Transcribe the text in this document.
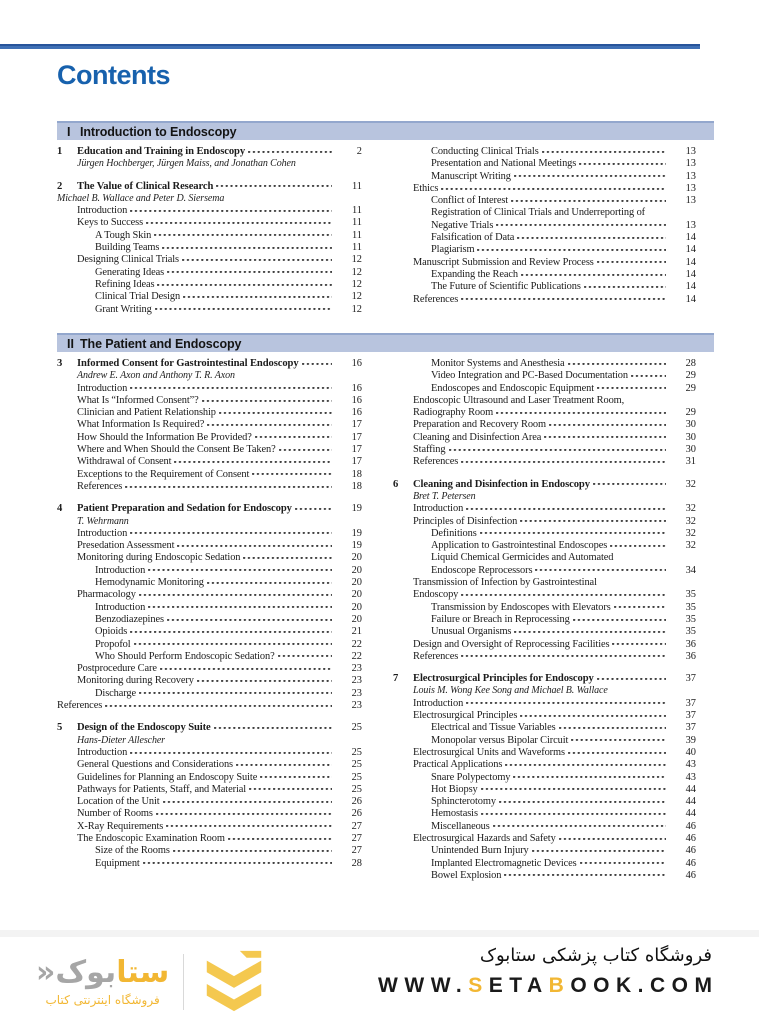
Contents
I Introduction to Endoscopy
1	Education and Training in Endoscopy	2
Jürgen Hochberger, Jürgen Maiss, and Jonathan Cohen
2	The Value of Clinical Research	11
Michael B. Wallace and Peter D. Siersema
Introduction	11
Keys to Success	11
A Tough Skin	11
Building Teams	11
Designing Clinical Trials	12
Generating Ideas	12
Refining Ideas	12
Clinical Trial Design	12
Grant Writing	12
Conducting Clinical Trials	13
Presentation and National Meetings	13
Manuscript Writing	13
Ethics	13
Conflict of Interest	13
Registration of Clinical Trials and Underreporting of
Negative Trials	13
Falsification of Data	14
Plagiarism	14
Manuscript Submission and Review Process	14
Expanding the Reach	14
The Future of Scientific Publications	14
References	14
II The Patient and Endoscopy
3	Informed Consent for Gastrointestinal Endoscopy	16
Andrew E. Axon and Anthony T. R. Axon
Introduction	16
What Is “Informed Consent”?	16
Clinician and Patient Relationship	16
What Information Is Required?	17
How Should the Information Be Provided?	17
Where and When Should the Consent Be Taken?	17
Withdrawal of Consent	17
Exceptions to the Requirement of Consent	18
References	18
4	Patient Preparation and Sedation for Endoscopy	19
T. Wehrmann
Introduction	19
Presedation Assessment	19
Monitoring during Endoscopic Sedation	20
Introduction	20
Hemodynamic Monitoring	20
Pharmacology	20
Introduction	20
Benzodiazepines	20
Opioids	21
Propofol	22
Who Should Perform Endoscopic Sedation?	22
Postprocedure Care	23
Monitoring during Recovery	23
Discharge	23
References	23
5	Design of the Endoscopy Suite	25
Hans-Dieter Allescher
Introduction	25
General Questions and Considerations	25
Guidelines for Planning an Endoscopy Suite	25
Pathways for Patients, Staff, and Material	25
Location of the Unit	26
Number of Rooms	26
X-Ray Requirements	27
The Endoscopic Examination Room	27
Size of the Rooms	27
Equipment	28
Monitor Systems and Anesthesia	28
Video Integration and PC-Based Documentation	29
Endoscopes and Endoscopic Equipment	29
Endoscopic Ultrasound and Laser Treatment Room,
Radiography Room	29
Preparation and Recovery Room	30
Cleaning and Disinfection Area	30
Staffing	30
References	31
6	Cleaning and Disinfection in Endoscopy	32
Bret T. Petersen
Introduction	32
Principles of Disinfection	32
Definitions	32
Application to Gastrointestinal Endoscopes	32
Liquid Chemical Germicides and Automated
Endoscope Reprocessors	34
Transmission of Infection by Gastrointestinal
Endoscopy	35
Transmission by Endoscopes with Elevators	35
Failure or Breach in Reprocessing	35
Unusual Organisms	35
Design and Oversight of Reprocessing Facilities	36
References	36
7	Electrosurgical Principles for Endoscopy	37
Louis M. Wong Kee Song and Michael B. Wallace
Introduction	37
Electrosurgical Principles	37
Electrical and Tissue Variables	37
Monopolar versus Bipolar Circuit	39
Electrosurgical Units and Waveforms	40
Practical Applications	43
Snare Polypectomy	43
Hot Biopsy	44
Sphincterotomy	44
Hemostasis	44
Miscellaneous	46
Electrosurgical Hazards and Safety	46
Unintended Burn Injury	46
Implanted Electromagnetic Devices	46
Bowel Explosion	46
ستابوک«
فروشگاه اینترنتی کتاب
فروشگاه کتاب پزشکی ستابوک
WWW.SETABOOK.COM
